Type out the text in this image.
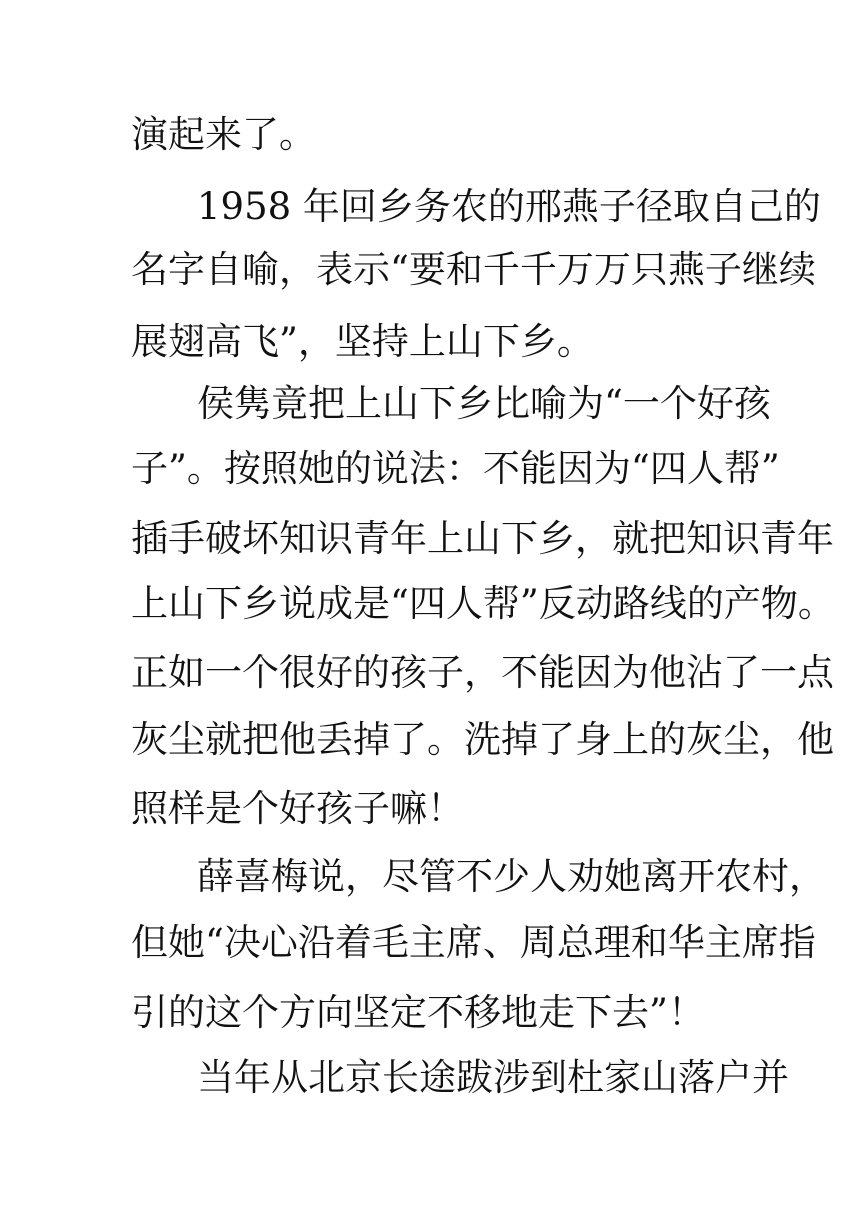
演起来了。
1958 年回乡务农的邢燕子径取自己的
名字自喻，表示“要和千千万万只燕子继续
展翅高飞”，坚持上山下乡。
侯隽竟把上山下乡比喻为“一个好孩
子”。按照她的说法：不能因为“四人帮”
插手破坏知识青年上山下乡，就把知识青年
上山下乡说成是“四人帮”反动路线的产物。
正如一个很好的孩子，不能因为他沾了一点
灰尘就把他丢掉了。洗掉了身上的灰尘，他
照样是个好孩子嘛！
薛喜梅说，尽管不少人劝她离开农村，
但她“决心沿着毛主席、周总理和华主席指
引的这个方向坚定不移地走下去”！
当年从北京长途跋涉到杜家山落户并
